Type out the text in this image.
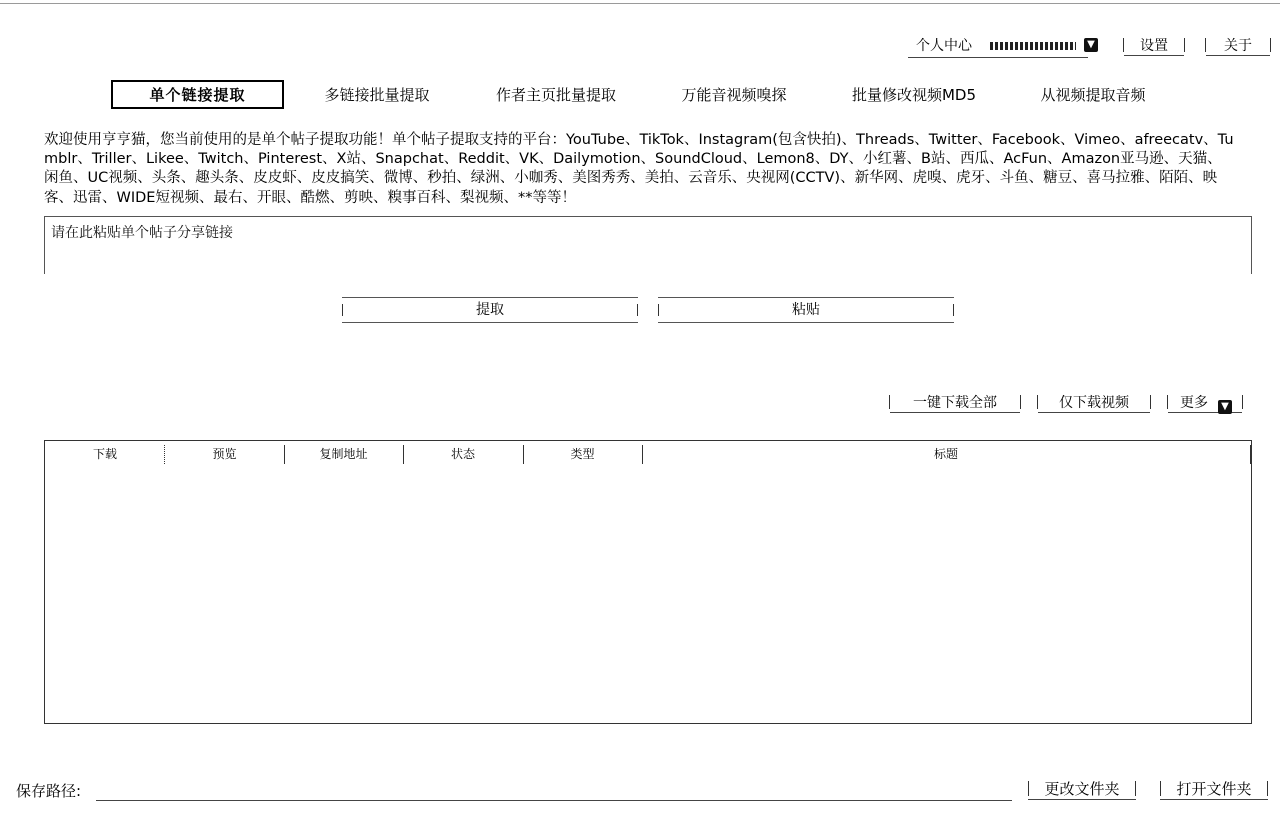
个人中心	▼	设置	关于
单个链接提取	多链接批量提取	作者主页批量提取	万能音视频嗅探	批量修改视频MD5	从视频提取音频
欢迎使用亨亨猫，您当前使用的是单个帖子提取功能！单个帖子提取支持的平台：YouTube、TikTok、Instagram(包含快拍)、Threads、Twitter、Facebook、Vimeo、afreecatv、Tumblr、Triller、Likee、Twitch、Pinterest、X站、Snapchat、Reddit、VK、Dailymotion、SoundCloud、Lemon8、DY、小红薯、B站、西瓜、AcFun、Amazon亚马逊、天猫、闲鱼、UC视频、头条、趣头条、皮皮虾、皮皮搞笑、微博、秒拍、绿洲、小咖秀、美图秀秀、美拍、云音乐、央视网(CCTV)、新华网、虎嗅、虎牙、斗鱼、糖豆、喜马拉雅、陌陌、映客、迅雷、WIDE短视频、最右、开眼、酷燃、剪映、糗事百科、梨视频、**等等！
请在此粘贴单个帖子分享链接
提取	粘贴
一键下载全部	仅下载视频	更多 ▼
下载	预览	复制地址	状态	类型	标题
保存路径:	更改文件夹	打开文件夹
